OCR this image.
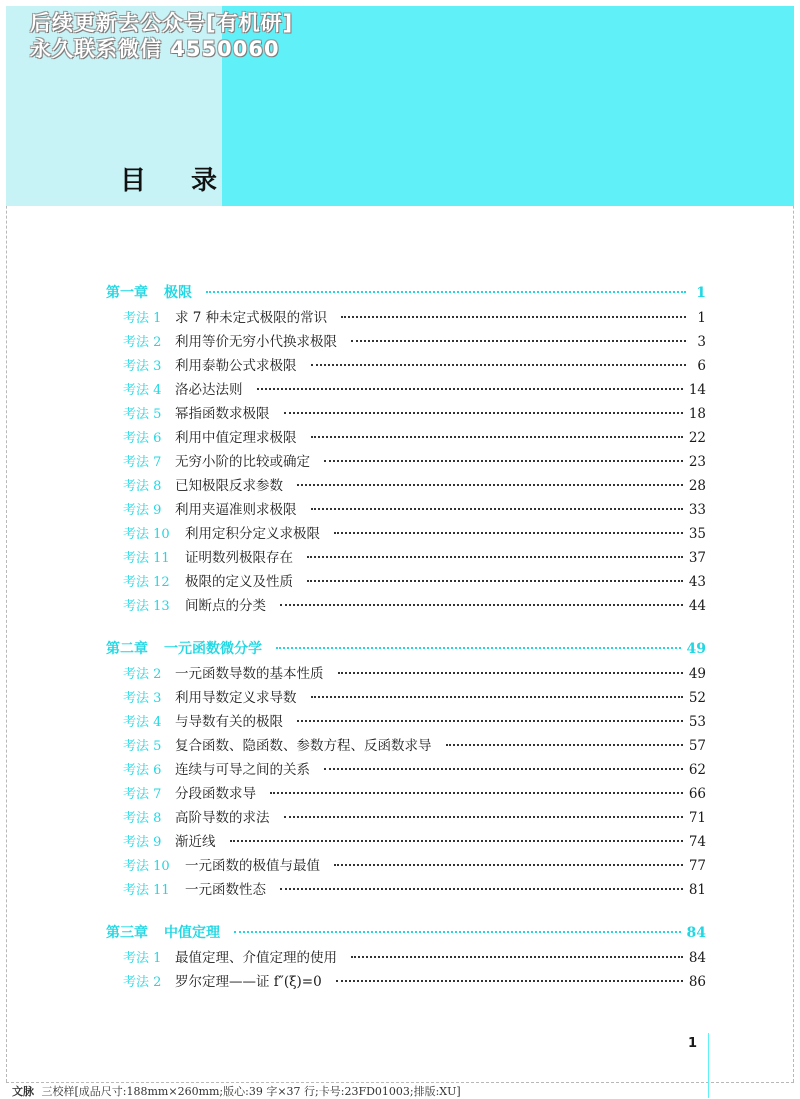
后续更新去公众号[有机研]
永久联系微信 4550060
目 录
第一章 极限	1
考法 1	求 7 种未定式极限的常识	1
考法 2	利用等价无穷小代换求极限	3
考法 3	利用泰勒公式求极限	6
考法 4	洛必达法则	14
考法 5	幂指函数求极限	18
考法 6	利用中值定理求极限	22
考法 7	无穷小阶的比较或确定	23
考法 8	已知极限反求参数	28
考法 9	利用夹逼准则求极限	33
考法 10	利用定积分定义求极限	35
考法 11	证明数列极限存在	37
考法 12	极限的定义及性质	43
考法 13	间断点的分类	44
第二章 一元函数微分学	49
考法 2	一元函数导数的基本性质	49
考法 3	利用导数定义求导数	52
考法 4	与导数有关的极限	53
考法 5	复合函数、隐函数、参数方程、反函数求导	57
考法 6	连续与可导之间的关系	62
考法 7	分段函数求导	66
考法 8	高阶导数的求法	71
考法 9	渐近线	74
考法 10	一元函数的极值与最值	77
考法 11	一元函数性态	81
第三章 中值定理	84
考法 1	最值定理、介值定理的使用	84
考法 2	罗尔定理——证 f″(ξ)=0	86
1
文脉 三校样[成品尺寸:188mm×260mm;版心:39 字×37 行;卡号:23FD01003;排版:XU]
